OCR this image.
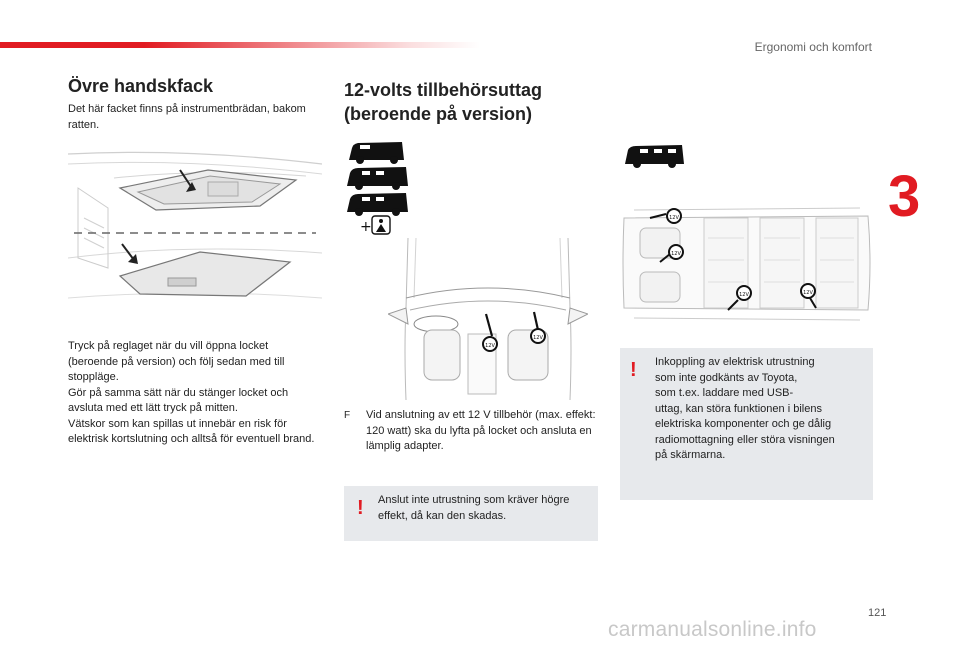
Ergonomi och komfort
3
Övre handskfack

Det här facket finns på instrumentbrädan, bakom ratten.

Tryck på reglaget när du vill öppna locket (beroende på version) och följ sedan med till stoppläge.
Gör på samma sätt när du stänger locket och avsluta med ett lätt tryck på mitten.
Vätskor som kan spillas ut innebär en risk för elektrisk kortslutning och alltså för eventuell brand.

12-volts tillbehörsuttag
(beroende på version)
+
12V
12V
F	Vid anslutning av ett 12 V tillbehör (max. effekt: 120 watt) ska du lyfta på locket och ansluta en lämplig adapter.
! Anslut inte utrustning som kräver högre effekt, då kan den skadas.
12V
12V
12V	12V
! Inkoppling av elektrisk utrustning
som inte godkänts av Toyota,
som t.ex. laddare med USB-
uttag, kan störa funktionen i bilens
elektriska komponenter och ge dålig
radiomottagning eller störa visningen
på skärmarna.
121
carmanualsonline.info
